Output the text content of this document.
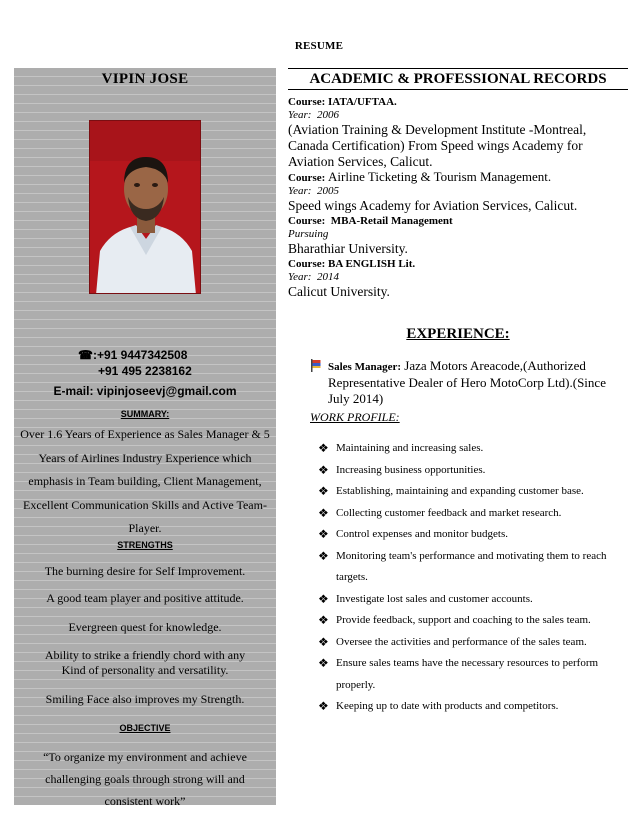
RESUME
VIPIN JOSE
☎:+91 9447342508
+91 495 2238162
E-mail: vipinjoseevj@gmail.com
SUMMARY:
Over 1.6 Years of Experience as Sales Manager & 5 Years of Airlines Industry Experience which emphasis in Team building, Client Management, Excellent Communication Skills and Active Team-Player.
STRENGTHS
The burning desire for Self Improvement.
A good team player and positive attitude.
Evergreen quest for knowledge.
Ability to strike a friendly chord with any Kind of personality and versatility.
Smiling Face also improves my Strength.
OBJECTIVE
“To organize my environment and achieve challenging goals through strong will and consistent work”
ACADEMIC & PROFESSIONAL RECORDS
Course: IATA/UFTAA.
Year: 2006
(Aviation Training & Development Institute -Montreal, Canada Certification) From Speed wings Academy for Aviation Services, Calicut.
Course: Airline Ticketing & Tourism Management.
Year: 2005
Speed wings Academy for Aviation Services, Calicut.
Course: MBA-Retail Management
Pursuing
Bharathiar University.
Course: BA ENGLISH Lit.
Year: 2014
Calicut University.
EXPERIENCE:
Sales Manager: Jaza Motors Areacode,(Authorized Representative Dealer of Hero MotoCorp Ltd).(Since July 2014)
WORK PROFILE:
❖ Maintaining and increasing sales.
❖ Increasing business opportunities.
❖ Establishing, maintaining and expanding customer base.
❖ Collecting customer feedback and market research.
❖ Control expenses and monitor budgets.
❖ Monitoring team's performance and motivating them to reach targets.
❖ Investigate lost sales and customer accounts.
❖ Provide feedback, support and coaching to the sales team.
❖ Oversee the activities and performance of the sales team.
❖ Ensure sales teams have the necessary resources to perform properly.
❖ Keeping up to date with products and competitors.
